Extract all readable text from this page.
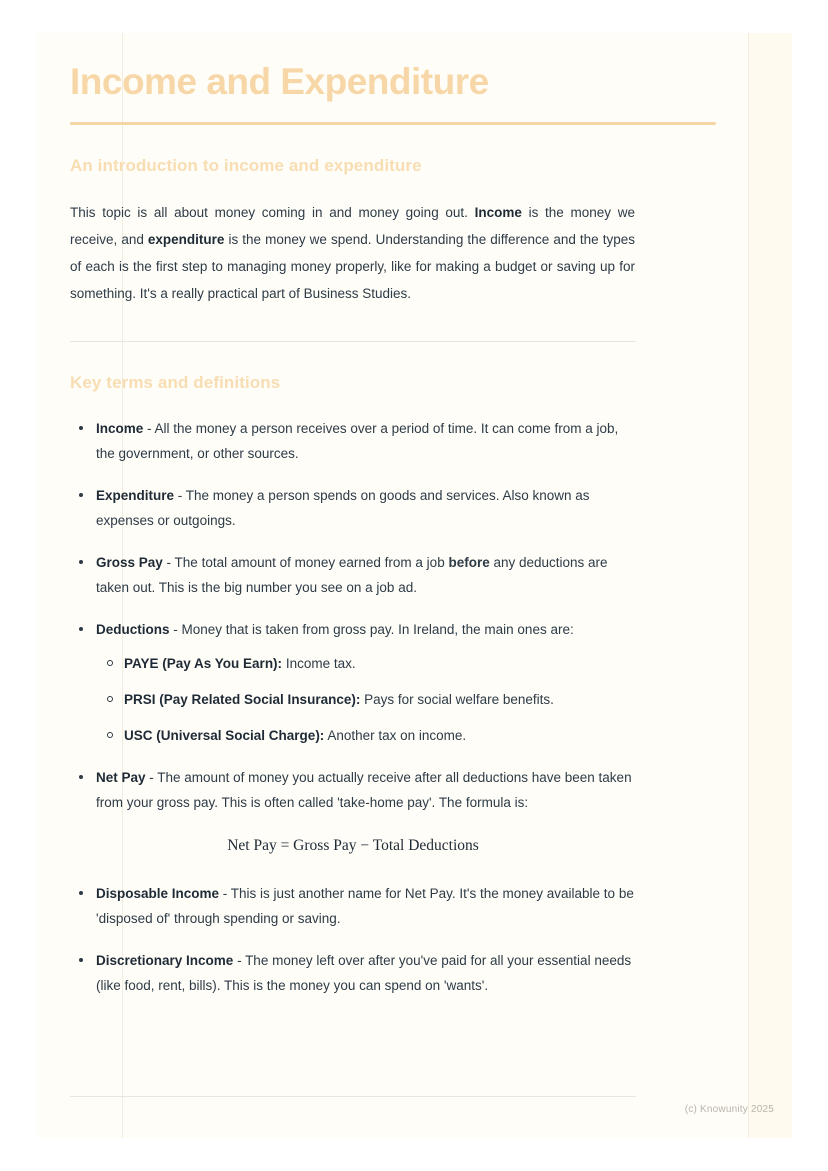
Income and Expenditure
An introduction to income and expenditure

This topic is all about money coming in and money going out. Income is the money we receive, and expenditure is the money we spend. Understanding the difference and the types of each is the first step to managing money properly, like for making a budget or saving up for something. It's a really practical part of Business Studies.

Key terms and definitions
Income - All the money a person receives over a period of time. It can come from a job, the government, or other sources.
Expenditure - The money a person spends on goods and services. Also known as expenses or outgoings.
Gross Pay - The total amount of money earned from a job before any deductions are taken out. This is the big number you see on a job ad.
Deductions - Money that is taken from gross pay. In Ireland, the main ones are:
PAYE (Pay As You Earn): Income tax.
PRSI (Pay Related Social Insurance): Pays for social welfare benefits.
USC (Universal Social Charge): Another tax on income.
Net Pay - The amount of money you actually receive after all deductions have been taken from your gross pay. This is often called 'take-home pay'. The formula is:
Net Pay = Gross Pay − Total Deductions
Disposable Income - This is just another name for Net Pay. It's the money available to be 'disposed of' through spending or saving.
Discretionary Income - The money left over after you've paid for all your essential needs (like food, rent, bills). This is the money you can spend on 'wants'.
(c) Knowunity 2025
